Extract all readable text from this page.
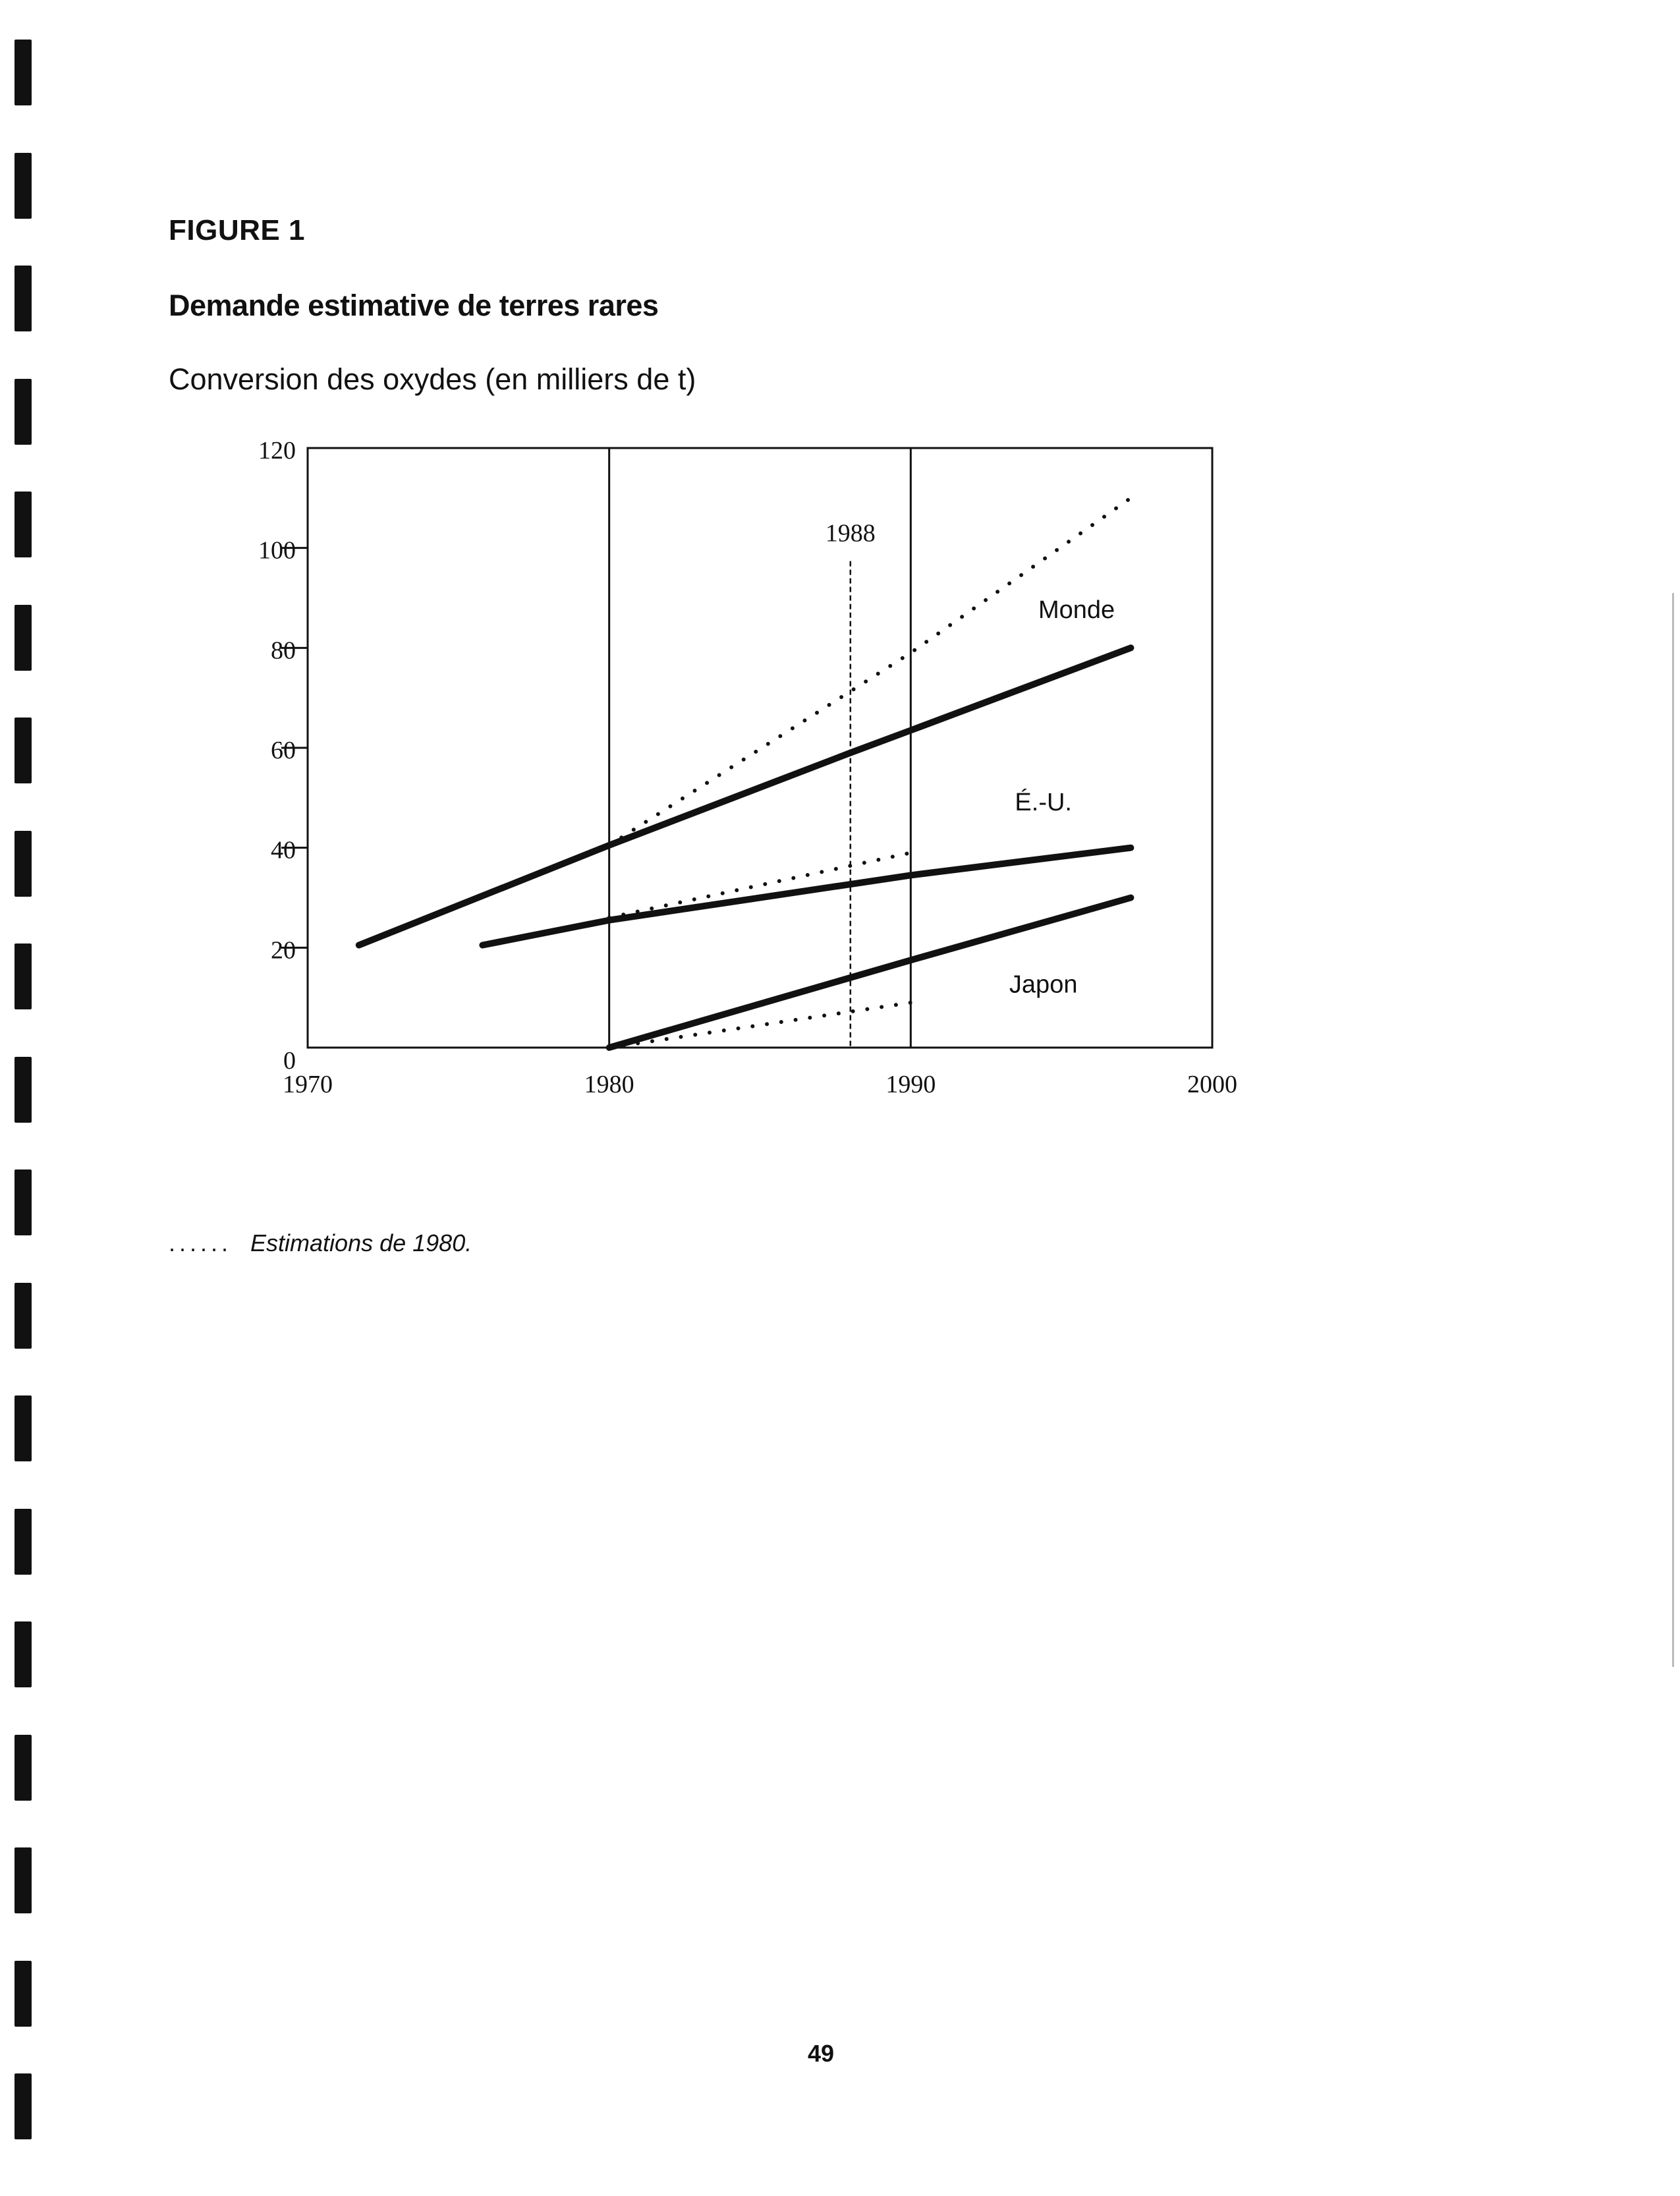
FIGURE 1
Demande estimative de terres rares
Conversion des oxydes (en milliers de t)
0
20
40
60
80
100
120
1970	1980	1990	2000
1988
Monde
É.-U.
Japon
...... Estimations de 1980.
49
